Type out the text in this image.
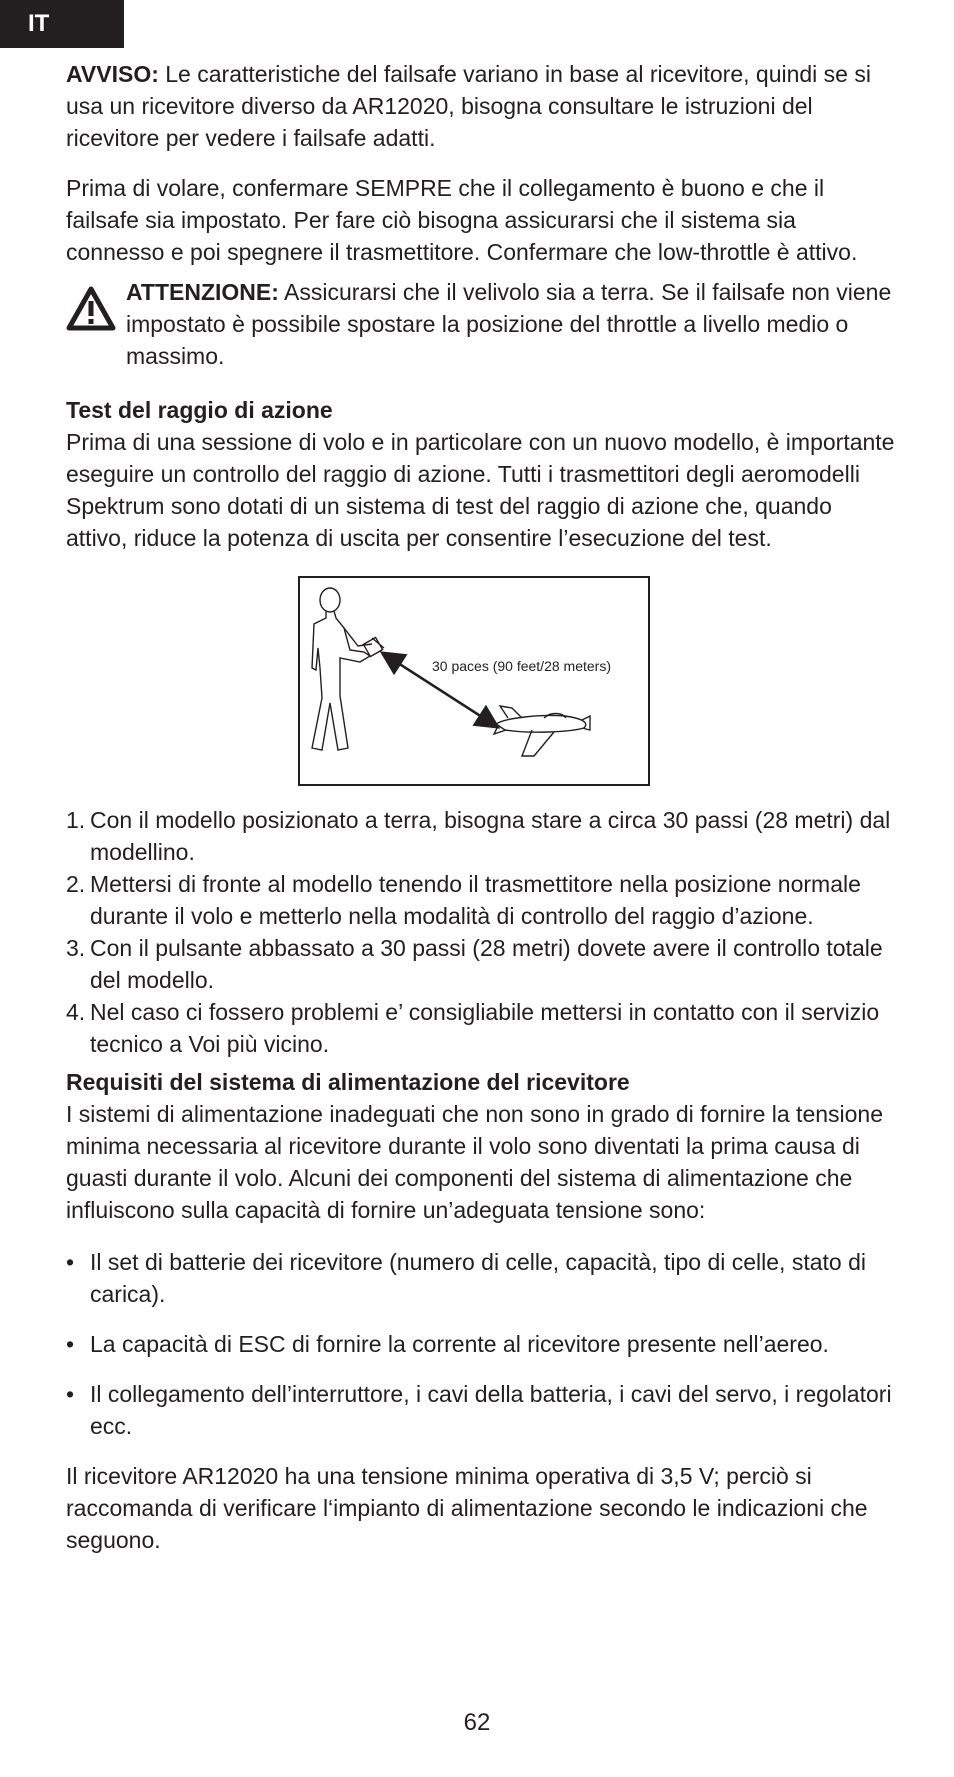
IT

AVVISO: Le caratteristiche del failsafe variano in base al ricevitore, quindi se si usa un ricevitore diverso da AR12020, bisogna consultare le istruzioni del ricevitore per vedere i failsafe adatti.

Prima di volare, confermare SEMPRE che il collegamento è buono e che il failsafe sia impostato. Per fare ciò bisogna assicurarsi che il sistema sia connesso e poi spegnere il trasmettitore. Confermare che low-throttle è attivo.

ATTENZIONE: Assicurarsi che il velivolo sia a terra. Se il failsafe non viene impostato è possibile spostare la posizione del throttle a livello medio o massimo.

Test del raggio di azione

Prima di una sessione di volo e in particolare con un nuovo modello, è importante eseguire un controllo del raggio di azione. Tutti i trasmettitori degli aeromodelli Spektrum sono dotati di un sistema di test del raggio di azione che, quando attivo, riduce la potenza di uscita per consentire l’esecuzione del test.

30 paces (90 feet/28 meters)
1. Con il modello posizionato a terra, bisogna stare a circa 30 passi (28 metri) dal modellino.
2. Mettersi di fronte al modello tenendo il trasmettitore nella posizione normale durante il volo e metterlo nella modalità di controllo del raggio d’azione.
3. Con il pulsante abbassato a 30 passi (28 metri) dovete avere il controllo totale del modello.
4. Nel caso ci fossero problemi e’ consigliabile mettersi in contatto con il servizio tecnico a Voi più vicino.
Requisiti del sistema di alimentazione del ricevitore

I sistemi di alimentazione inadeguati che non sono in grado di fornire la tensione minima necessaria al ricevitore durante il volo sono diventati la prima causa di guasti durante il volo. Alcuni dei componenti del sistema di alimentazione che influiscono sulla capacità di fornire un’adeguata tensione sono:

• Il set di batterie dei ricevitore (numero di celle, capacità, tipo di celle, stato di carica).
• La capacità di ESC di fornire la corrente al ricevitore presente nell’aereo.
• Il collegamento dell’interruttore, i cavi della batteria, i cavi del servo, i regolatori ecc.

Il ricevitore AR12020 ha una tensione minima operativa di 3,5 V; perciò si raccomanda di verificare l‘impianto di alimentazione secondo le indicazioni che seguono.

62
